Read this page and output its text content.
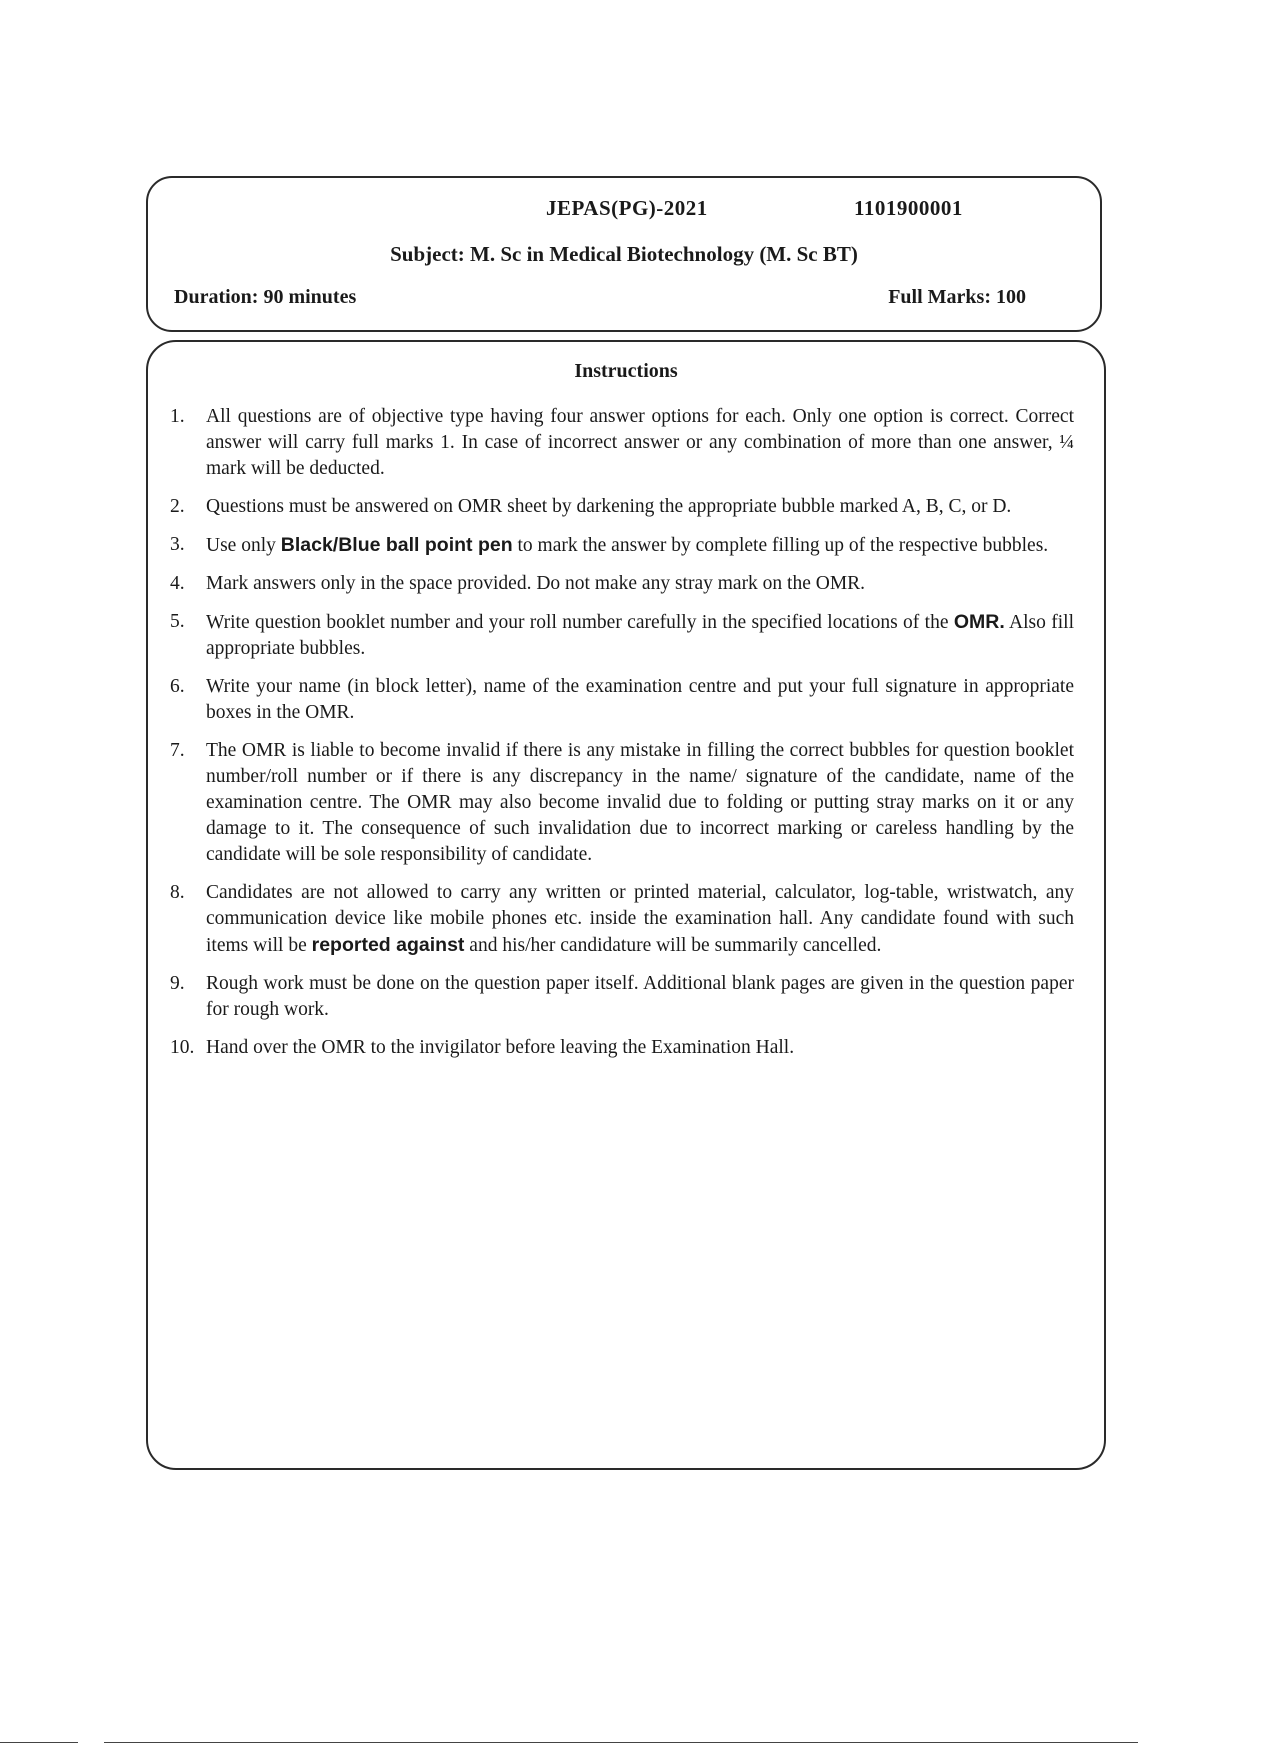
JEPAS(PG)-2021	1101900001
Subject: M. Sc in Medical Biotechnology (M. Sc BT)
Duration: 90 minutes	Full Marks: 100
Instructions
1.	All questions are of objective type having four answer options for each. Only one option is correct. Correct answer will carry full marks 1. In case of incorrect answer or any combination of more than one answer, ¼ mark will be deducted.
2.	Questions must be answered on OMR sheet by darkening the appropriate bubble marked A, B, C, or D.
3.	Use only Black/Blue ball point pen to mark the answer by complete filling up of the respective bubbles.
4.	Mark answers only in the space provided. Do not make any stray mark on the OMR.
5.	Write question booklet number and your roll number carefully in the specified locations of the OMR. Also fill appropriate bubbles.
6.	Write your name (in block letter), name of the examination centre and put your full signature in appropriate boxes in the OMR.
7.	The OMR is liable to become invalid if there is any mistake in filling the correct bubbles for question booklet number/roll number or if there is any discrepancy in the name/ signature of the candidate, name of the examination centre. The OMR may also become invalid due to folding or putting stray marks on it or any damage to it. The consequence of such invalidation due to incorrect marking or careless handling by the candidate will be sole responsibility of candidate.
8.	Candidates are not allowed to carry any written or printed material, calculator, log-table, wristwatch, any communication device like mobile phones etc. inside the examination hall. Any candidate found with such items will be reported against and his/her candidature will be summarily cancelled.
9.	Rough work must be done on the question paper itself. Additional blank pages are given in the question paper for rough work.
10. Hand over the OMR to the invigilator before leaving the Examination Hall.
